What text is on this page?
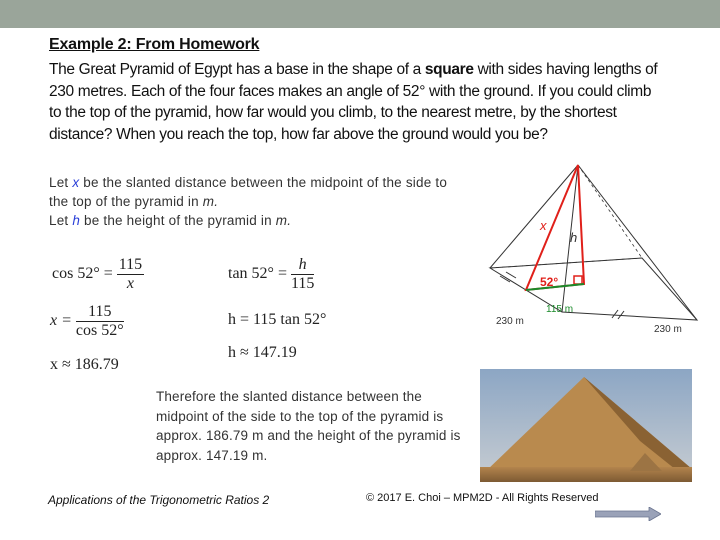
Example 2: From Homework
The Great Pyramid of Egypt has a base in the shape of a square with sides having lengths of 230 metres. Each of the four faces makes an angle of 52° with the ground. If you could climb to the top of the pyramid, how far would you climb, to the nearest metre, by the shortest distance? When you reach the top, how far above the ground would you be?
Let x be the slanted distance between the midpoint of the side to the top of the pyramid in m.
Let h be the height of the pyramid in m.
$\cos 52^\circ = \frac{115}{x}$
$x = \frac{115}{\cos 52^\circ}$
x ≈ 186.79
$\tan 52^\circ = \frac{h}{115}$
h = 115 tan 52°
h ≈ 147.19
x
h
52°
115 m
230 m
230 m
Therefore the slanted distance between the midpoint of the side to the top of the pyramid is approx. 186.79 m and the height of the pyramid is approx. 147.19 m.
Applications of the Trigonometric Ratios 2	© 2017 E. Choi – MPM2D - All Rights Reserved
